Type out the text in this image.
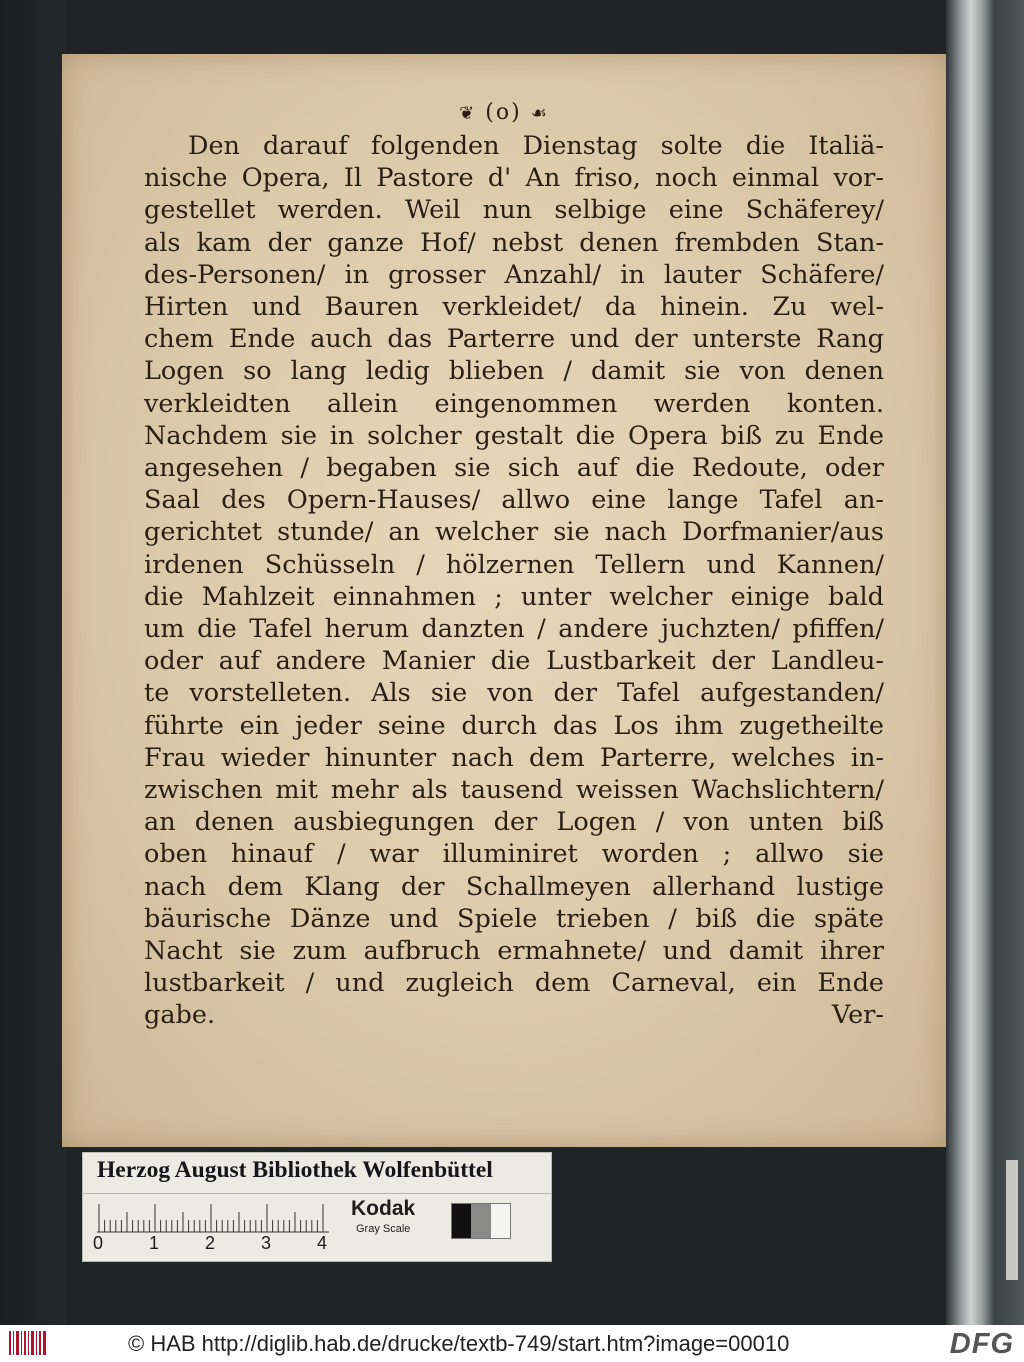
❦ (o) ☙
Den darauf folgenden Dienstag solte die Italiä-
nische Opera, Il Pastore d' An friso, noch einmal vor-
gestellet werden. Weil nun selbige eine Schäferey/
als kam der ganze Hof/ nebst denen frembden Stan-
des-Personen/ in grosser Anzahl/ in lauter Schäfere/
Hirten und Bauren verkleidet/ da hinein. Zu wel-
chem Ende auch das Parterre und der unterste Rang
Logen so lang ledig blieben / damit sie von denen
verkleidten allein eingenommen werden konten.
Nachdem sie in solcher gestalt die Opera biß zu Ende
angesehen / begaben sie sich auf die Redoute, oder
Saal des Opern-Hauses/ allwo eine lange Tafel an-
gerichtet stunde/ an welcher sie nach Dorfmanier/aus
irdenen Schüsseln / hölzernen Tellern und Kannen/
die Mahlzeit einnahmen ; unter welcher einige bald
um die Tafel herum danzten / andere juchzten/ pfiffen/
oder auf andere Manier die Lustbarkeit der Landleu-
te vorstelleten. Als sie von der Tafel aufgestanden/
führte ein jeder seine durch das Los ihm zugetheilte
Frau wieder hinunter nach dem Parterre, welches in-
zwischen mit mehr als tausend weissen Wachslichtern/
an denen ausbiegungen der Logen / von unten biß
oben hinauf / war illuminiret worden ; allwo sie
nach dem Klang der Schallmeyen allerhand lustige
bäurische Dänze und Spiele trieben / biß die späte
Nacht sie zum aufbruch ermahnete/ und damit ihrer
lustbarkeit / und zugleich dem Carneval, ein Ende
gabe.	Ver-
Herzog August Bibliothek Wolfenbüttel
0	1	2	3	4
Kodak
Gray Scale
© HAB http://diglib.hab.de/drucke/textb-749/start.htm?image=00010	DFG
